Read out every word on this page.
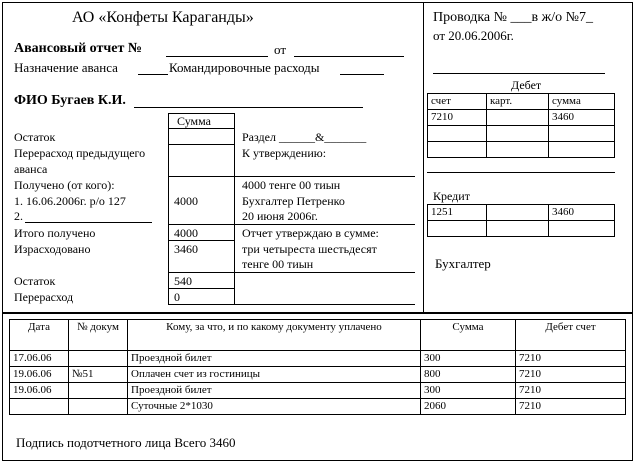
АО «Конфеты Караганды»
Авансовый отчет №	от
Назначение аванса	Командировочные расходы
ФИО Бугаев К.И.
Сумма
Остаток
Перерасход предыдущего
аванса
Получено (от кого):
1. 16.06.2006г. р/о 127	4000
2.
Итого получено	4000
Израсходовано	3460
Остаток	540
Перерасход	0
Раздел ______&_______
К утверждению:
4000 тенге 00 тиын
Бухгалтер Петренко
20 июня 2006г.
Отчет утверждаю в сумме:
три четыреста шестьдесят
тенге 00 тиын
_
Проводка № ___в ж/о №7_
от 20.06.2006г.
Дебет
счет	карт.	сумма
7210		3460

Кредит
1251		3460

Бухгалтер
Дата	№ докум	Кому, за что, и по какому документу уплачено	Сумма	Дебет счет
17.06.06		Проездной билет	300	7210
19.06.06	№51	Оплачен счет из гостиницы	800	7210
19.06.06		Проездной билет	300	7210
		Суточные 2*1030	2060	7210
Подпись подотчетного лица Всего 3460
